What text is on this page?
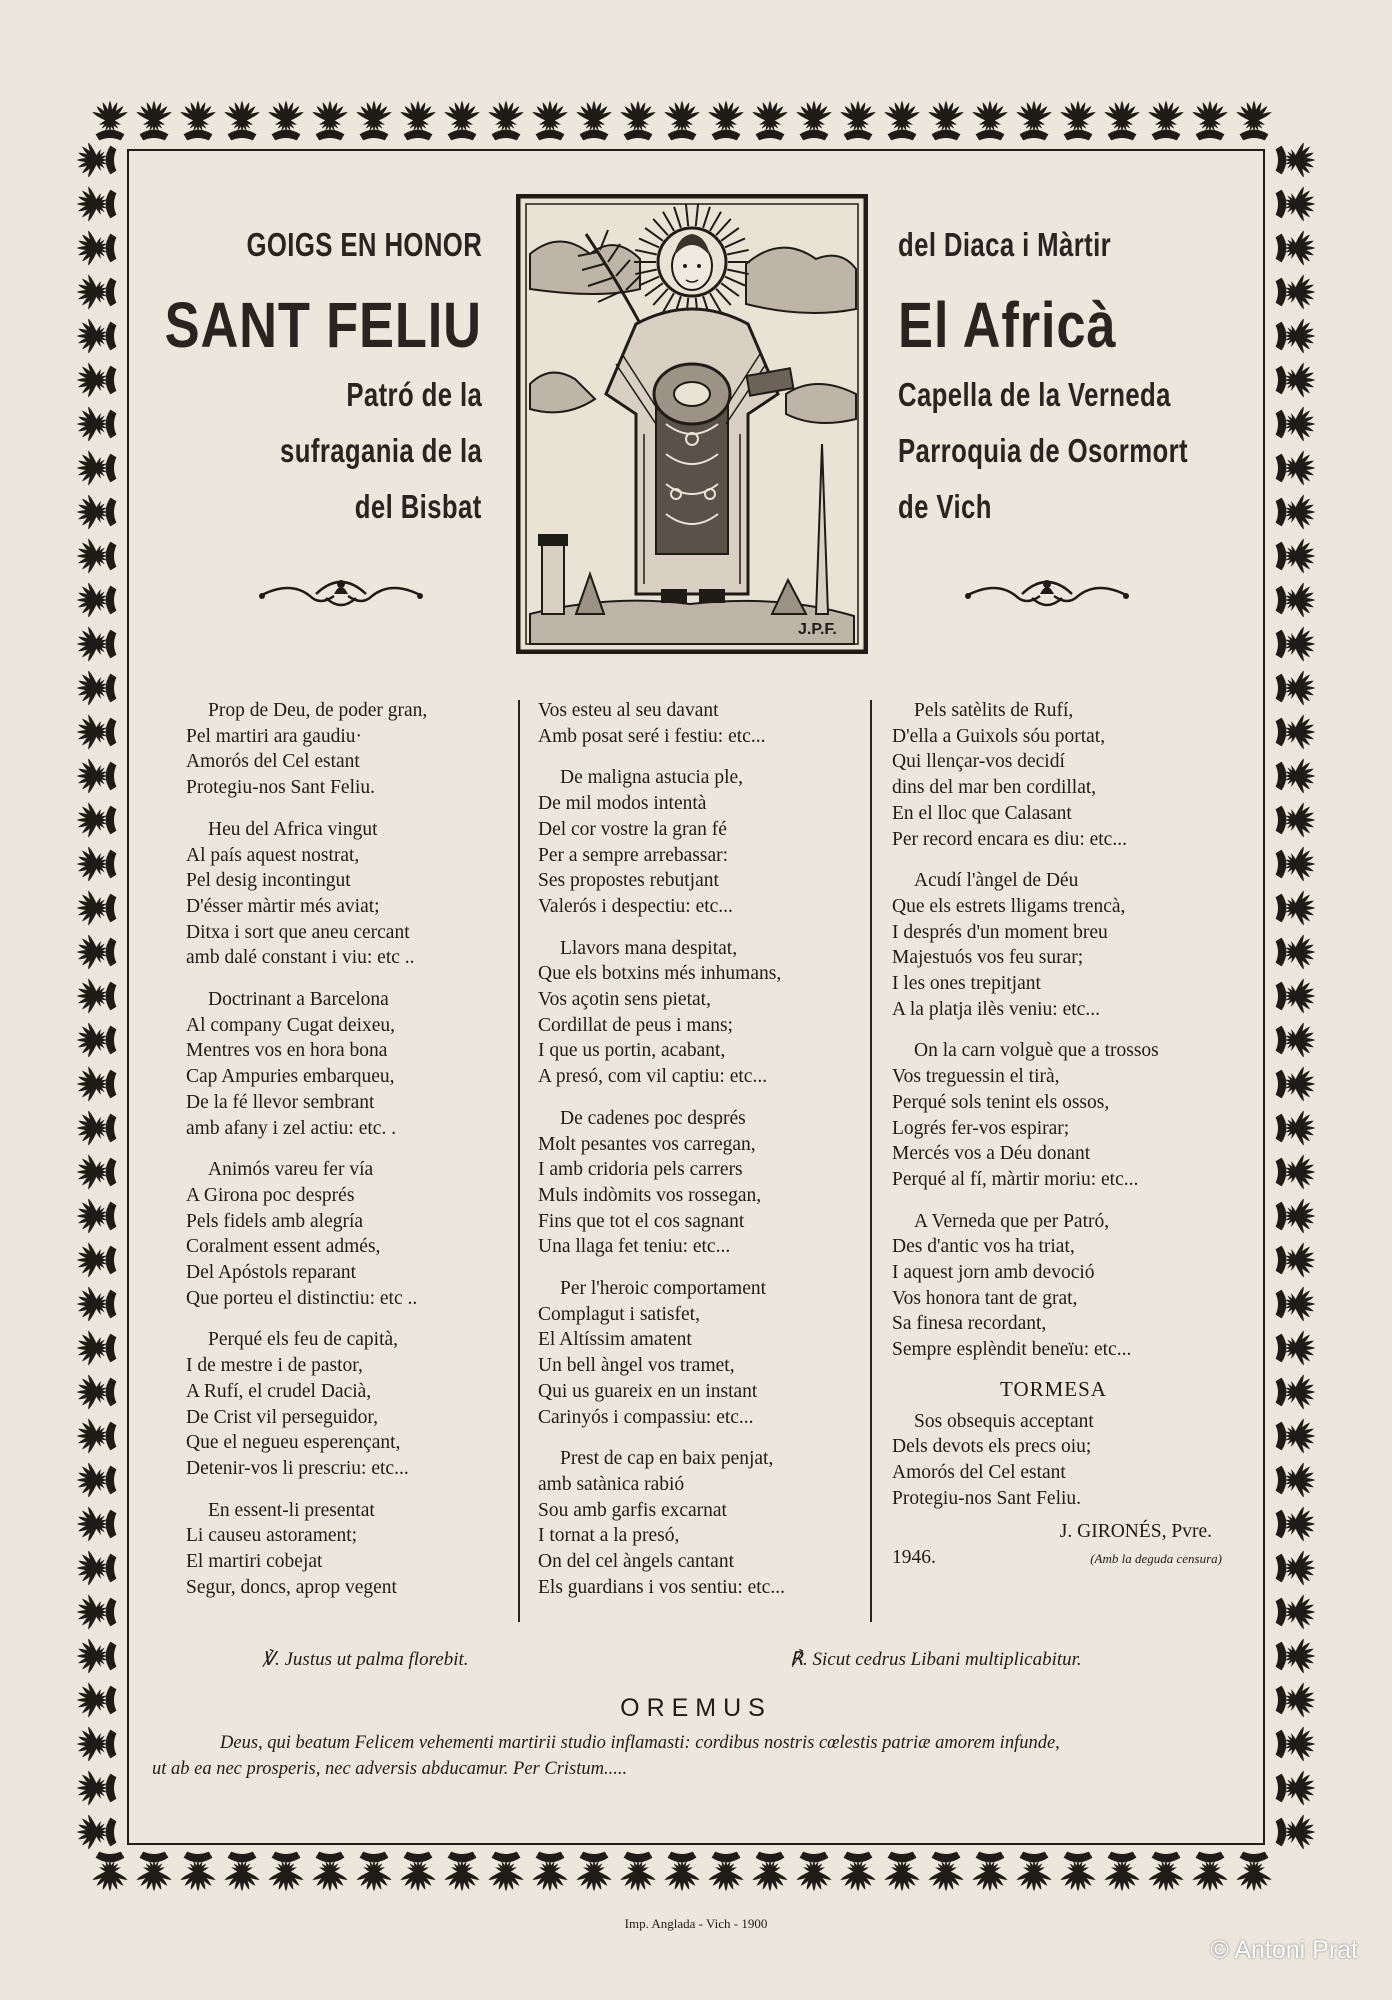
GOIGS EN HONOR
SANT FELIU
Patró de la
sufragania de la
del Bisbat
del Diaca i Màrtir
El Africà
Capella de la Verneda
Parroquia de Osormort
de Vich
J.P.F.
Prop de Deu, de poder gran,
Pel martiri ara gaudiu·
Amorós del Cel estant
Protegiu-nos Sant Feliu.
Heu del Africa vingut
Al país aquest nostrat,
Pel desig incontingut
D'ésser màrtir més aviat;
Ditxa i sort que aneu cercant
amb dalé constant i viu: etc ..
Doctrinant a Barcelona
Al company Cugat deixeu,
Mentres vos en hora bona
Cap Ampuries embarqueu,
De la fé llevor sembrant
amb afany i zel actiu: etc. .
Animós vareu fer vía
A Girona poc després
Pels fidels amb alegría
Coralment essent admés,
Del Apóstols reparant
Que porteu el distinctiu: etc ..
Perqué els feu de capità,
I de mestre i de pastor,
A Rufí, el crudel Dacià,
De Crist vil perseguidor,
Que el negueu esperençant,
Detenir-vos li prescriu: etc...
En essent-li presentat
Li causeu astorament;
El martiri cobejat
Segur, doncs, aprop vegent
Vos esteu al seu davant
Amb posat seré i festiu: etc...
De maligna astucia ple,
De mil modos intentà
Del cor vostre la gran fé
Per a sempre arrebassar:
Ses propostes rebutjant
Valerós i despectiu: etc...
Llavors mana despitat,
Que els botxins més inhumans,
Vos açotin sens pietat,
Cordillat de peus i mans;
I que us portin, acabant,
A presó, com vil captiu: etc...
De cadenes poc després
Molt pesantes vos carregan,
I amb cridoria pels carrers
Muls indòmits vos rossegan,
Fins que tot el cos sagnant
Una llaga fet teniu: etc...
Per l'heroic comportament
Complagut i satisfet,
El Altíssim amatent
Un bell àngel vos tramet,
Qui us guareix en un instant
Carinyós i compassiu: etc...
Prest de cap en baix penjat,
amb satànica rabió
Sou amb garfis excarnat
I tornat a la presó,
On del cel àngels cantant
Els guardians i vos sentiu: etc...
Pels satèlits de Rufí,
D'ella a Guixols sóu portat,
Qui llençar-vos decidí
dins del mar ben cordillat,
En el lloc que Calasant
Per record encara es diu: etc...
Acudí l'àngel de Déu
Que els estrets lligams trencà,
I després d'un moment breu
Majestuós vos feu surar;
I les ones trepitjant
A la platja ilès veniu: etc...
On la carn volguè que a trossos
Vos treguessin el tirà,
Perqué sols tenint els ossos,
Logrés fer-vos espirar;
Mercés vos a Déu donant
Perqué al fí, màrtir moriu: etc...
A Verneda que per Patró,
Des d'antic vos ha triat,
I aquest jorn amb devoció
Vos honora tant de grat,
Sa finesa recordant,
Sempre esplèndit beneïu: etc...
TORMESA
Sos obsequis acceptant
Dels devots els precs oiu;
Amorós del Cel estant
Protegiu-nos Sant Feliu.
J. GIRONÉS, Pvre.
1946.	(Amb la deguda censura)
℣. Justus ut palma florebit.	℟. Sicut cedrus Libani multiplicabitur.
OREMUS
Deus, qui beatum Felicem vehementi martirii studio inflamasti: cordibus nostris cœlestis patriæ amorem infunde,
ut ab ea nec prosperis, nec adversis abducamur. Per Cristum.....
Imp. Anglada - Vich - 1900
© Antoni Prat
